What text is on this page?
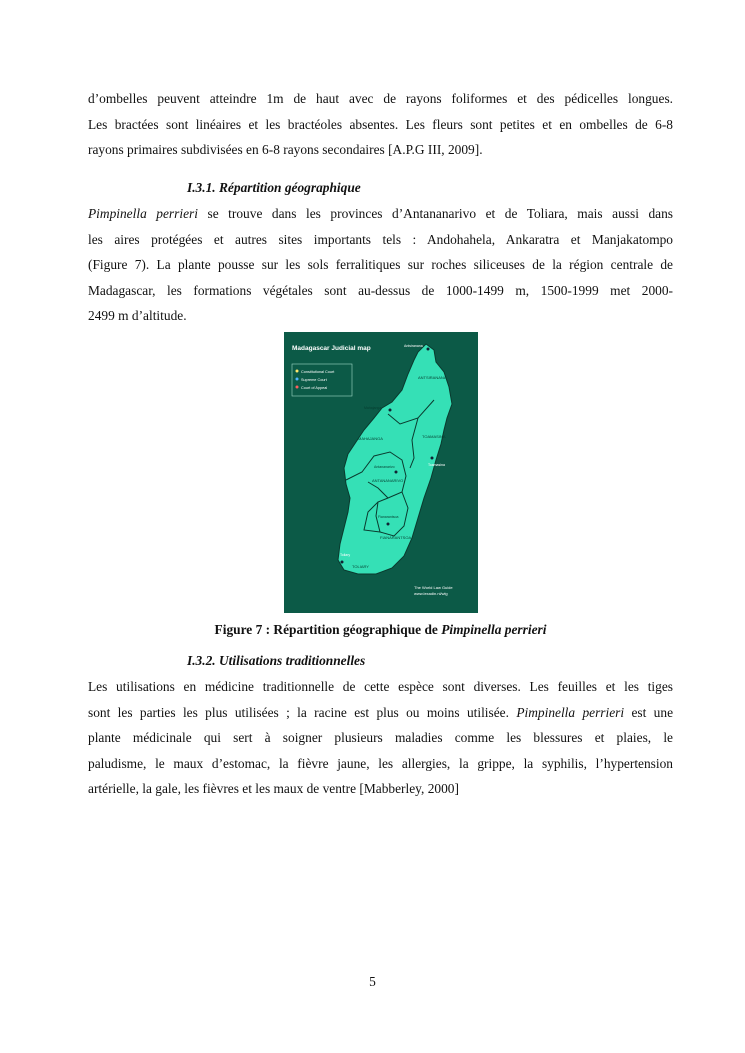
d’ombelles peuvent atteindre 1m de haut avec de rayons foliformes et des pédicelles longues.
Les bractées sont linéaires et les bractéoles absentes. Les fleurs sont petites et en ombelles de 6-8
rayons primaires subdivisées en 6-8 rayons secondaires [A.P.G III, 2009].
I.3.1. Répartition géographique
Pimpinella perrieri se trouve dans les provinces d’Antananarivo et de Toliara, mais aussi dans
les aires protégées et autres sites importants tels : Andohahela, Ankaratra et Manjakatompo
(Figure 7). La plante pousse sur les sols ferralitiques sur roches siliceuses de la région centrale de
Madagascar, les formations végétales sont au-dessus de 1000-1499 m, 1500-1999 met 2000-
2499 m d’altitude.
Madagascar Judicial map
Constitutional Court
Supreme Court
Court of Appeal
ANTSIRANANA
MAHAJANGA	TOAMASINA
ANTANANARIVO
FIANARANTSOA
TOLIARY
Antsiranana
Mahajanga
Toamasina
Antananarivo
Fianarantsoa
Toliary
The World Law Guide
www.lexadin.nl/wlg

Figure 7 : Répartition géographique de Pimpinella perrieri

I.3.2. Utilisations traditionnelles
Les utilisations en médicine traditionnelle de cette espèce sont diverses. Les feuilles et les tiges
sont les parties les plus utilisées ; la racine est plus ou moins utilisée. Pimpinella perrieri est une
plante médicinale qui sert à soigner plusieurs maladies comme les blessures et plaies, le
paludisme, le maux d’estomac, la fièvre jaune, les allergies, la grippe, la syphilis, l’hypertension
artérielle, la gale, les fièvres et les maux de ventre [Mabberley, 2000]
5
